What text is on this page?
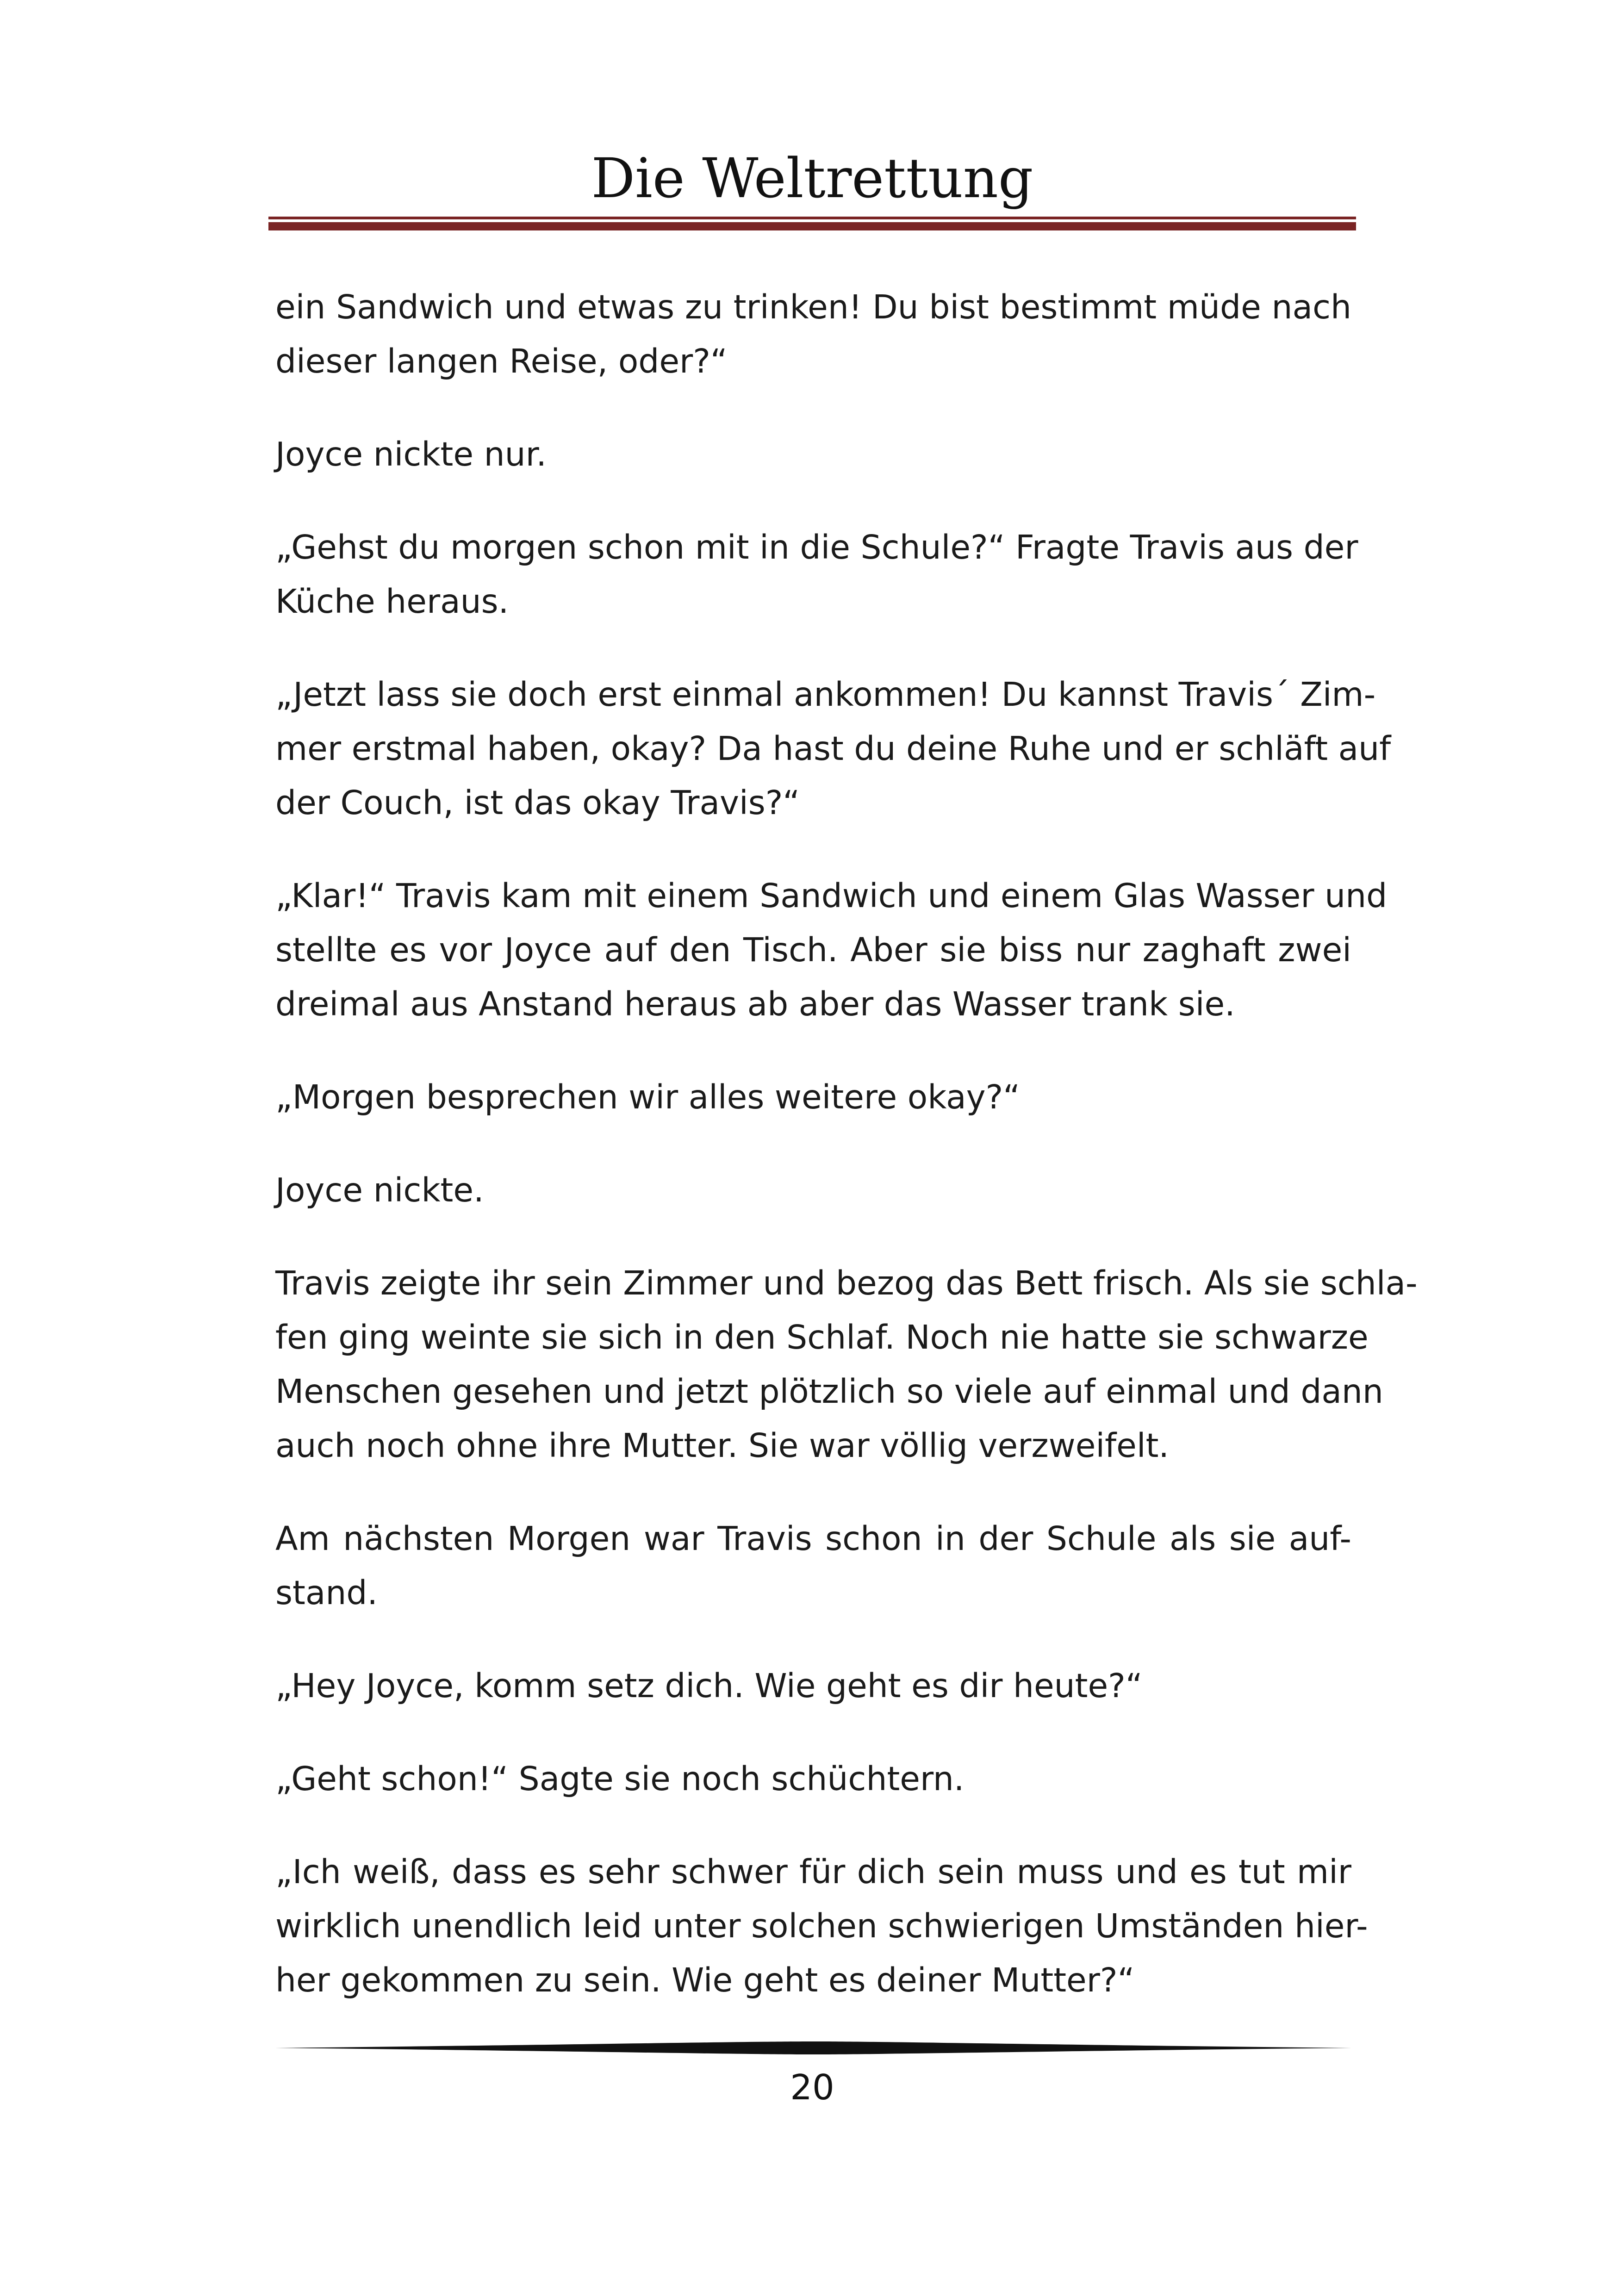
Die Weltrettung

ein Sandwich und etwas zu trinken! Du bist bestimmt müde nach
dieser langen Reise, oder?“

Joyce nickte nur.

„Gehst du morgen schon mit in die Schule?“ Fragte Travis aus der
Küche heraus.

„Jetzt lass sie doch erst einmal ankommen! Du kannst Travis´ Zim-
mer erstmal haben, okay? Da hast du deine Ruhe und er schläft auf
der Couch, ist das okay Travis?“

„Klar!“ Travis kam mit einem Sandwich und einem Glas Wasser und
stellte es vor Joyce auf den Tisch. Aber sie biss nur zaghaft zwei
dreimal aus Anstand heraus ab aber das Wasser trank sie.

„Morgen besprechen wir alles weitere okay?“

Joyce nickte.

Travis zeigte ihr sein Zimmer und bezog das Bett frisch. Als sie schla-
fen ging weinte sie sich in den Schlaf. Noch nie hatte sie schwarze
Menschen gesehen und jetzt plötzlich so viele auf einmal und dann
auch noch ohne ihre Mutter. Sie war völlig verzweifelt.

Am nächsten Morgen war Travis schon in der Schule als sie auf-
stand.

„Hey Joyce, komm setz dich. Wie geht es dir heute?“

„Geht schon!“ Sagte sie noch schüchtern.

„Ich weiß, dass es sehr schwer für dich sein muss und es tut mir
wirklich unendlich leid unter solchen schwierigen Umständen hier-
her gekommen zu sein. Wie geht es deiner Mutter?“

20
